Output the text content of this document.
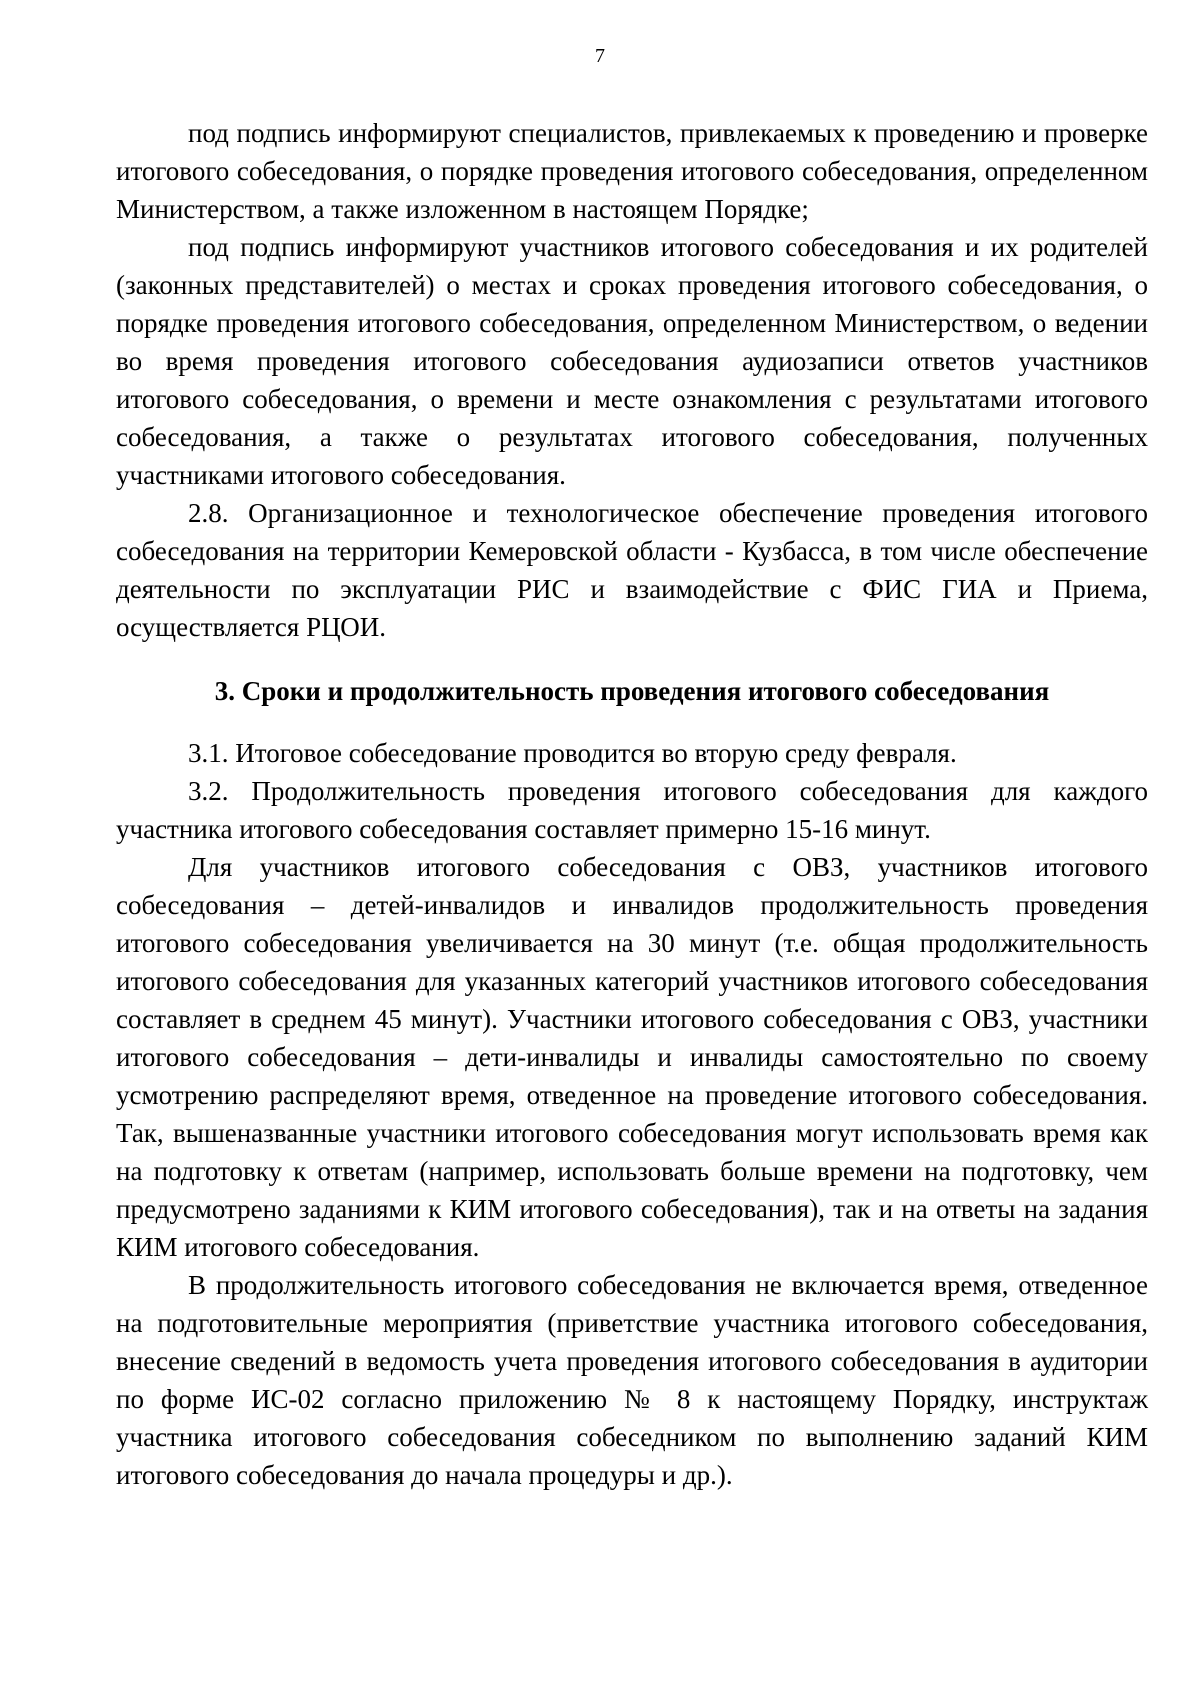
7

под подпись информируют специалистов, привлекаемых к проведению и проверке итогового собеседования, о порядке проведения итогового собеседования, определенном Министерством, а также изложенном в настоящем Порядке;

под подпись информируют участников итогового собеседования и их родителей (законных представителей) о местах и сроках проведения итогового собеседования, о порядке проведения итогового собеседования, определенном Министерством, о ведении во время проведения итогового собеседования аудиозаписи ответов участников итогового собеседования, о времени и месте ознакомления с результатами итогового собеседования, а также о результатах итогового собеседования, полученных участниками итогового собеседования.

2.8. Организационное и технологическое обеспечение проведения итогового собеседования на территории Кемеровской области - Кузбасса, в том числе обеспечение деятельности по эксплуатации РИС и взаимодействие с ФИС ГИА и Приема, осуществляется РЦОИ.

3. Сроки и продолжительность проведения итогового собеседования

3.1. Итоговое собеседование проводится во вторую среду февраля.

3.2. Продолжительность проведения итогового собеседования для каждого участника итогового собеседования составляет примерно 15-16 минут.

Для участников итогового собеседования с ОВЗ, участников итогового собеседования – детей-инвалидов и инвалидов продолжительность проведения итогового собеседования увеличивается на 30 минут (т.е. общая продолжительность итогового собеседования для указанных категорий участников итогового собеседования составляет в среднем 45 минут). Участники итогового собеседования с ОВЗ, участники итогового собеседования – дети-инвалиды и инвалиды самостоятельно по своему усмотрению распределяют время, отведенное на проведение итогового собеседования. Так, вышеназванные участники итогового собеседования могут использовать время как на подготовку к ответам (например, использовать больше времени на подготовку, чем предусмотрено заданиями к КИМ итогового собеседования), так и на ответы на задания КИМ итогового собеседования.

В продолжительность итогового собеседования не включается время, отведенное на подготовительные мероприятия (приветствие участника итогового собеседования, внесение сведений в ведомость учета проведения итогового собеседования в аудитории по форме ИС-02 согласно приложению № 8 к настоящему Порядку, инструктаж участника итогового собеседования собеседником по выполнению заданий КИМ итогового собеседования до начала процедуры и др.).
